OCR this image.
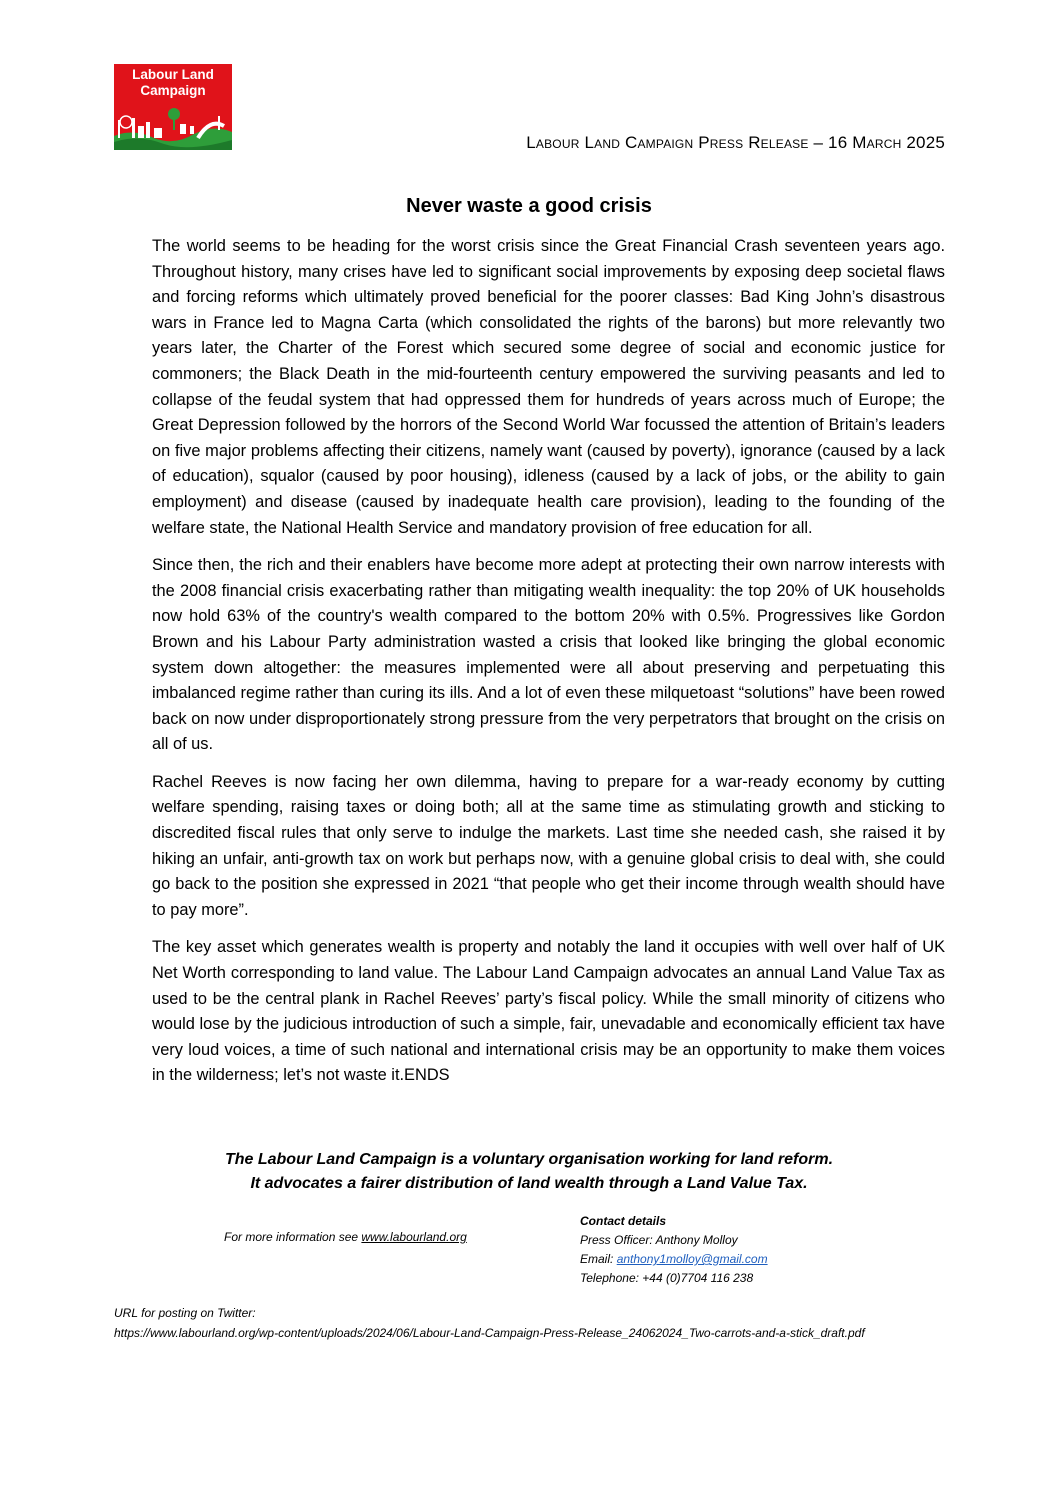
Labour Land
Campaign
Labour Land Campaign Press Release – 16 March 2025
Never waste a good crisis

The world seems to be heading for the worst crisis since the Great Financial Crash seventeen years ago. Throughout history, many crises have led to significant social improvements by exposing deep societal flaws and forcing reforms which ultimately proved beneficial for the poorer classes: Bad King John’s disastrous wars in France led to Magna Carta (which consolidated the rights of the barons) but more relevantly two years later, the Charter of the Forest which secured some degree of social and economic justice for commoners; the Black Death in the mid-fourteenth century empowered the surviving peasants and led to collapse of the feudal system that had oppressed them for hundreds of years across much of Europe; the Great Depression followed by the horrors of the Second World War focussed the attention of Britain’s leaders on five major problems affecting their citizens, namely want (caused by poverty), ignorance (caused by a lack of education), squalor (caused by poor housing), idleness (caused by a lack of jobs, or the ability to gain employment) and disease (caused by inadequate health care provision), leading to the founding of the welfare state, the National Health Service and mandatory provision of free education for all.

Since then, the rich and their enablers have become more adept at protecting their own narrow interests with the 2008 financial crisis exacerbating rather than mitigating wealth inequality: the top 20% of UK households now hold 63% of the country's wealth compared to the bottom 20% with 0.5%. Progressives like Gordon Brown and his Labour Party administration wasted a crisis that looked like bringing the global economic system down altogether: the measures implemented were all about preserving and perpetuating this imbalanced regime rather than curing its ills. And a lot of even these milquetoast “solutions” have been rowed back on now under disproportionately strong pressure from the very perpetrators that brought on the crisis on all of us.

Rachel Reeves is now facing her own dilemma, having to prepare for a war-ready economy by cutting welfare spending, raising taxes or doing both; all at the same time as stimulating growth and sticking to discredited fiscal rules that only serve to indulge the markets. Last time she needed cash, she raised it by hiking an unfair, anti-growth tax on work but perhaps now, with a genuine global crisis to deal with, she could go back to the position she expressed in 2021 “that people who get their income through wealth should have to pay more”.

The key asset which generates wealth is property and notably the land it occupies with well over half of UK Net Worth corresponding to land value. The Labour Land Campaign advocates an annual Land Value Tax as used to be the central plank in Rachel Reeves’ party’s fiscal policy. While the small minority of citizens who would lose by the judicious introduction of such a simple, fair, unevadable and economically efficient tax have very loud voices, a time of such national and international crisis may be an opportunity to make them voices in the wilderness; let’s not waste it.ENDS

The Labour Land Campaign is a voluntary organisation working for land reform.
It advocates a fairer distribution of land wealth through a Land Value Tax.
For more information see www.labourland.org
Contact details
Press Officer: Anthony Molloy
Email: anthony1molloy@gmail.com
Telephone: +44 (0)7704 116 238
URL for posting on Twitter:
https://www.labourland.org/wp-content/uploads/2024/06/Labour-Land-Campaign-Press-Release_24062024_Two-carrots-and-a-stick_draft.pdf
